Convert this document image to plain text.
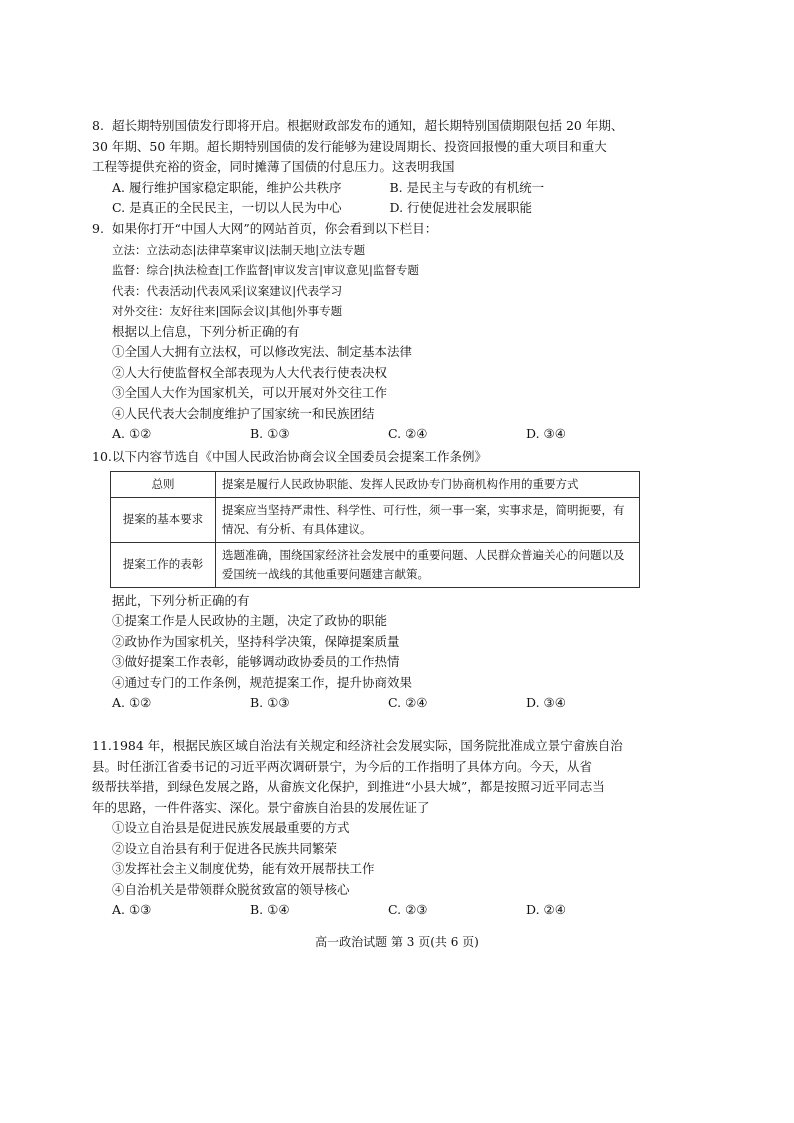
8. 超长期特别国债发行即将开启。根据财政部发布的通知，超长期特别国债期限包括 20 年期、
30 年期、50 年期。超长期特别国债的发行能够为建设周期长、投资回报慢的重大项目和重大
工程等提供充裕的资金，同时摊薄了国债的付息压力。这表明我国

A. 履行维护国家稳定职能，维护公共秩序	B. 是民主与专政的有机统一
C. 是真正的全民民主，一切以人民为中心	D. 行使促进社会发展职能

9. 如果你打开“中国人大网”的网站首页，你会看到以下栏目：

立法：立法动态|法律草案审议|法制天地|立法专题

监督：综合|执法检查|工作监督|审议发言|审议意见|监督专题

代表：代表活动|代表风采|议案建议|代表学习

对外交往：友好往来|国际会议|其他|外事专题

根据以上信息，下列分析正确的有

①全国人大拥有立法权，可以修改宪法、制定基本法律

②人大行使监督权全部表现为人大代表行使表决权

③全国人大作为国家机关，可以开展对外交往工作

④人民代表大会制度维护了国家统一和民族团结

A. ①②	B. ①③	C. ②④	D. ③④

10.以下内容节选自《中国人民政治协商会议全国委员会提案工作条例》

总则	提案是履行人民政协职能、发挥人民政协专门协商机构作用的重要方式
提案的基本要求	提案应当坚持严肃性、科学性、可行性，须一事一案，实事求是，简明扼要，有情况、有分析、有具体建议。
提案工作的表彰	选题准确，围绕国家经济社会发展中的重要问题、人民群众普遍关心的问题以及爱国统一战线的其他重要问题建言献策。

据此，下列分析正确的有

①提案工作是人民政协的主题，决定了政协的职能

②政协作为国家机关，坚持科学决策，保障提案质量

③做好提案工作表彰，能够调动政协委员的工作热情

④通过专门的工作条例，规范提案工作，提升协商效果

A. ①②	B. ①③	C. ②④	D. ③④

11.1984 年，根据民族区域自治法有关规定和经济社会发展实际，国务院批准成立景宁畲族自治
县。时任浙江省委书记的习近平两次调研景宁，为今后的工作指明了具体方向。今天，从省
级帮扶举措，到绿色发展之路，从畲族文化保护，到推进“小县大城”，都是按照习近平同志当
年的思路，一件件落实、深化。景宁畲族自治县的发展佐证了

①设立自治县是促进民族发展最重要的方式

②设立自治县有利于促进各民族共同繁荣

③发挥社会主义制度优势，能有效开展帮扶工作

④自治机关是带领群众脱贫致富的领导核心

A. ①③	B. ①④	C. ②③	D. ②④
高一政治试题 第 3 页(共 6 页)
